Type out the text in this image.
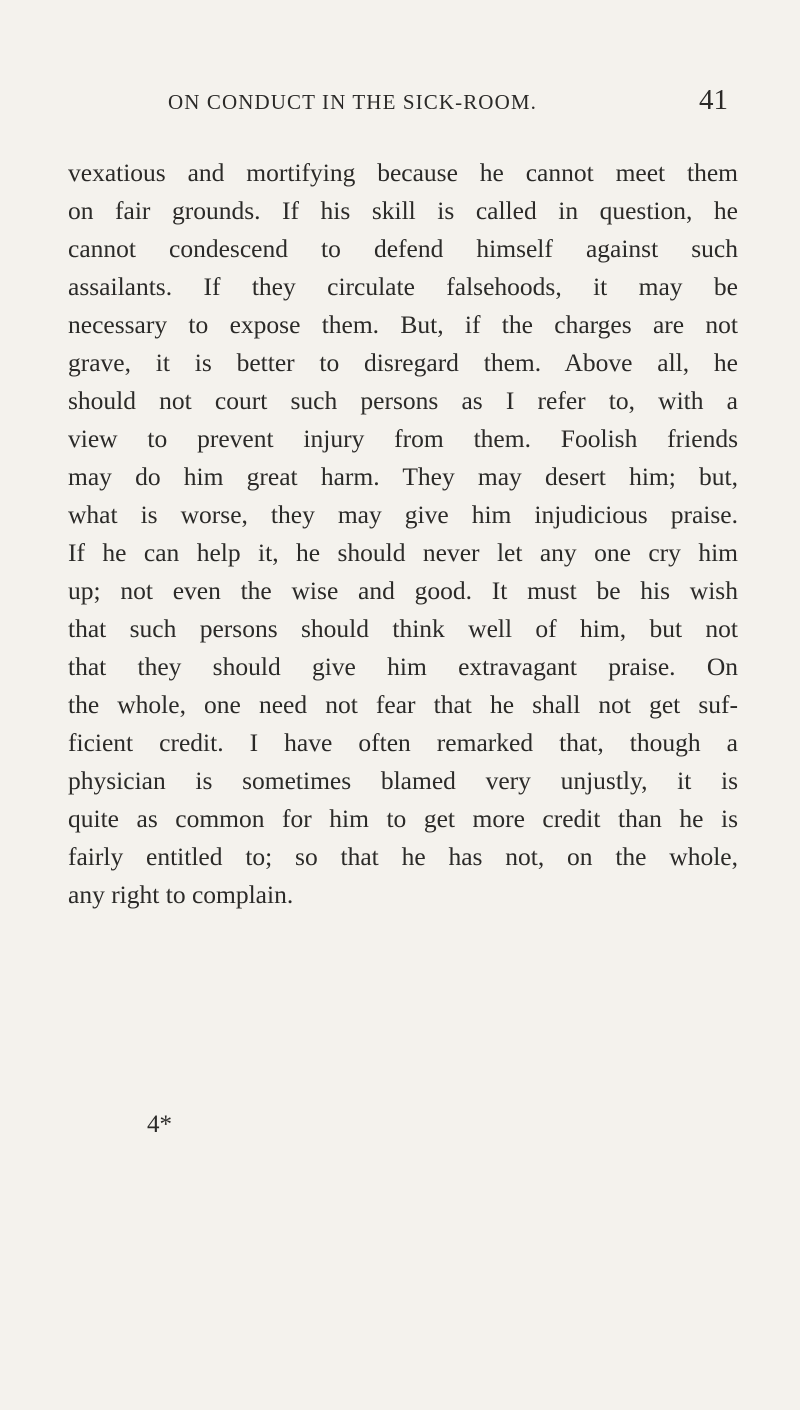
ON CONDUCT IN THE SICK-ROOM.	41
vexatious and mortifying because he cannot meet them
on fair grounds. If his skill is called in question, he
cannot condescend to defend himself against such
assailants. If they circulate falsehoods, it may be
necessary to expose them. But, if the charges are not
grave, it is better to disregard them. Above all, he
should not court such persons as I refer to, with a
view to prevent injury from them. Foolish friends
may do him great harm. They may desert him; but,
what is worse, they may give him injudicious praise.
If he can help it, he should never let any one cry him
up; not even the wise and good. It must be his wish
that such persons should think well of him, but not
that they should give him extravagant praise. On
the whole, one need not fear that he shall not get suf-
ficient credit. I have often remarked that, though a
physician is sometimes blamed very unjustly, it is
quite as common for him to get more credit than he is
fairly entitled to; so that he has not, on the whole,
any right to complain.
4*
